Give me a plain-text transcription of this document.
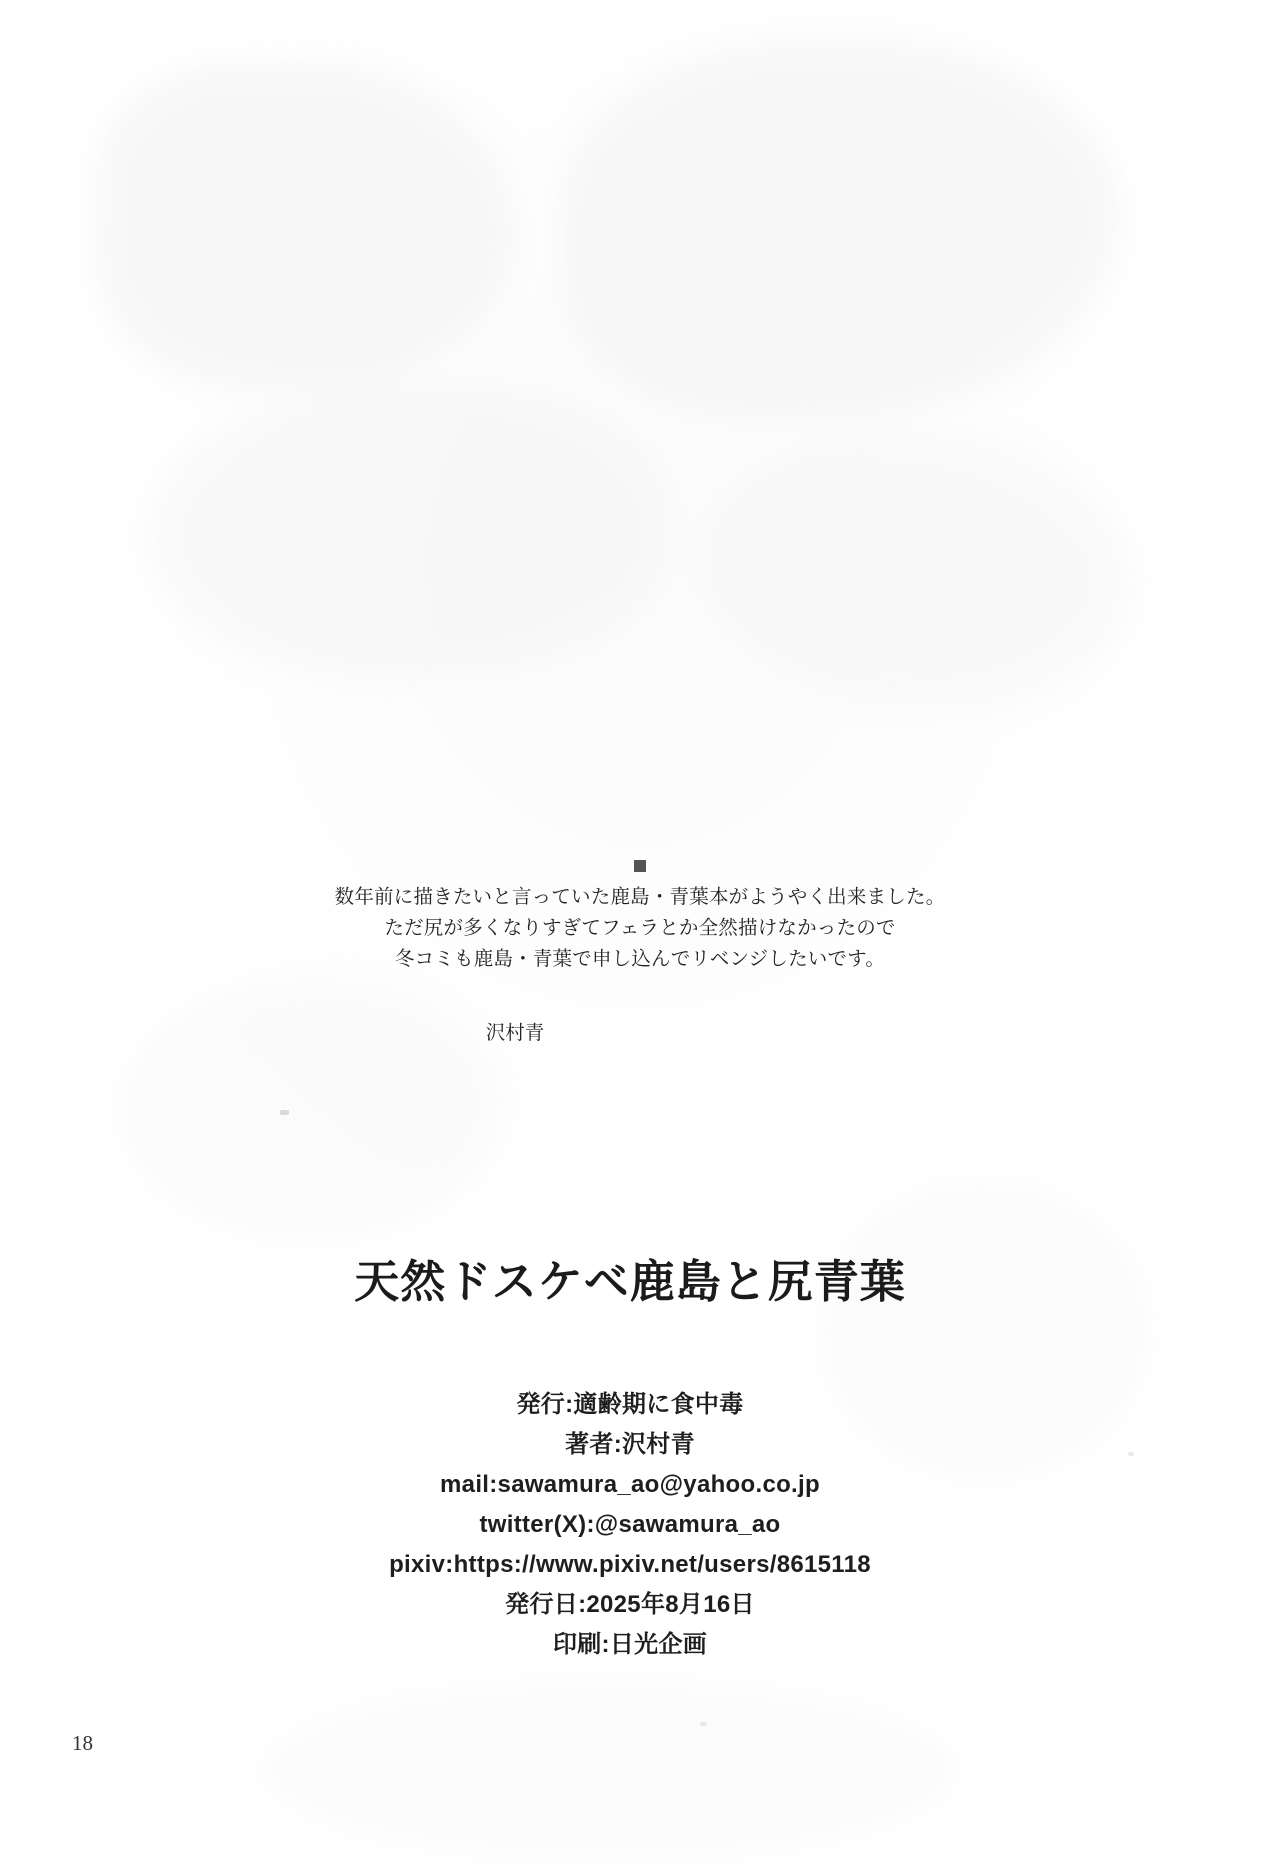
数年前に描きたいと言っていた鹿島・青葉本がようやく出来ました。
ただ尻が多くなりすぎてフェラとか全然描けなかったので
冬コミも鹿島・青葉で申し込んでリベンジしたいです。
沢村青
天然ドスケベ鹿島と尻青葉
発行:適齢期に食中毒
著者:沢村青
mail:sawamura_ao@yahoo.co.jp
twitter(X):@sawamura_ao
pixiv:https://www.pixiv.net/users/8615118
発行日:2025年8月16日
印刷:日光企画
18
